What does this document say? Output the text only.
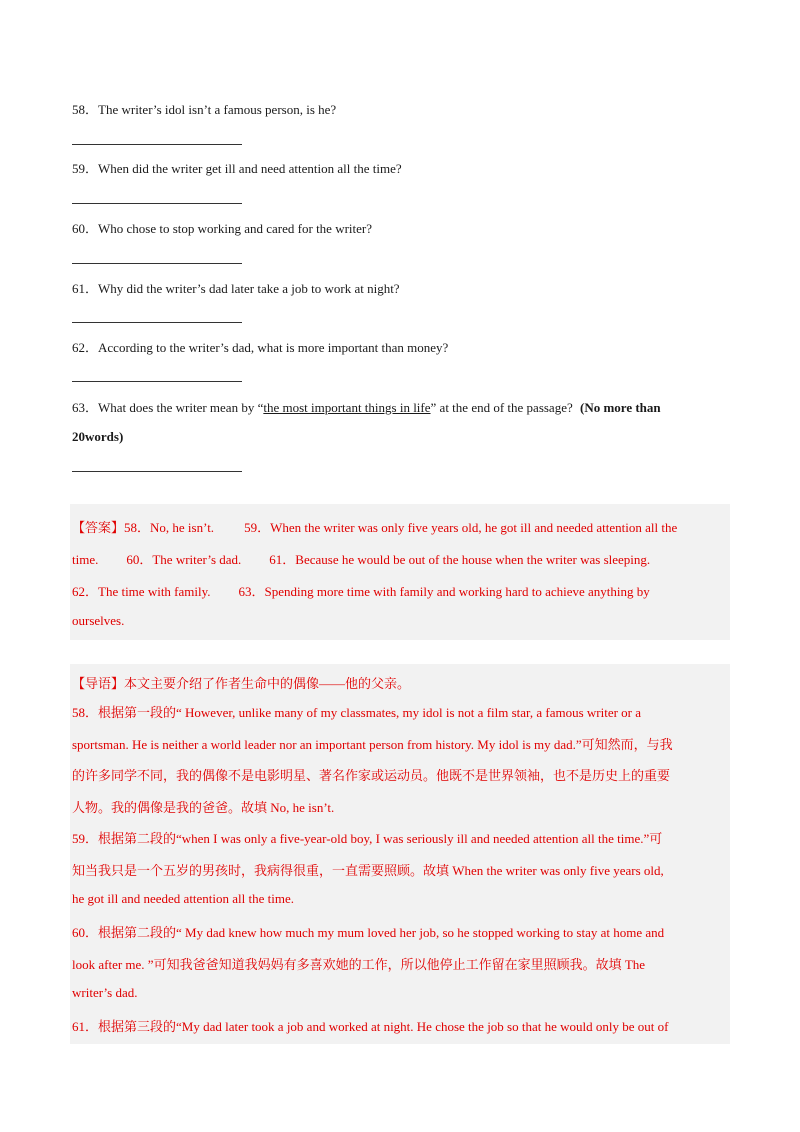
58．The writer’s idol isn’t a famous person, is he?
59．When did the writer get ill and need attention all the time?
60．Who chose to stop working and cared for the writer?
61．Why did the writer’s dad later take a job to work at night?
62．According to the writer’s dad, what is more important than money?
63．What does the writer mean by “the most important things in life” at the end of the passage? (No more than
20words)
【答案】58．No, he isn’t. 59．When the writer was only five years old, he got ill and needed attention all the
time. 60．The writer’s dad. 61．Because he would be out of the house when the writer was sleeping.
62．The time with family. 63．Spending more time with family and working hard to achieve anything by
ourselves.
【导语】本文主要介绍了作者生命中的偶像——他的父亲。
58．根据第一段的“ However, unlike many of my classmates, my idol is not a film star, a famous writer or a
sportsman. He is neither a world leader nor an important person from history. My idol is my dad.”可知然而，与我
的许多同学不同，我的偶像不是电影明星、著名作家或运动员。他既不是世界领袖，也不是历史上的重要
人物。我的偶像是我的爸爸。故填 No, he isn’t.
59．根据第二段的“when I was only a five-year-old boy, I was seriously ill and needed attention all the time.”可
知当我只是一个五岁的男孩时，我病得很重，一直需要照顾。故填 When the writer was only five years old,
he got ill and needed attention all the time.
60．根据第二段的“ My dad knew how much my mum loved her job, so he stopped working to stay at home and
look after me. ”可知我爸爸知道我妈妈有多喜欢她的工作，所以他停止工作留在家里照顾我。故填 The
writer’s dad.
61．根据第三段的“My dad later took a job and worked at night. He chose the job so that he would only be out of
